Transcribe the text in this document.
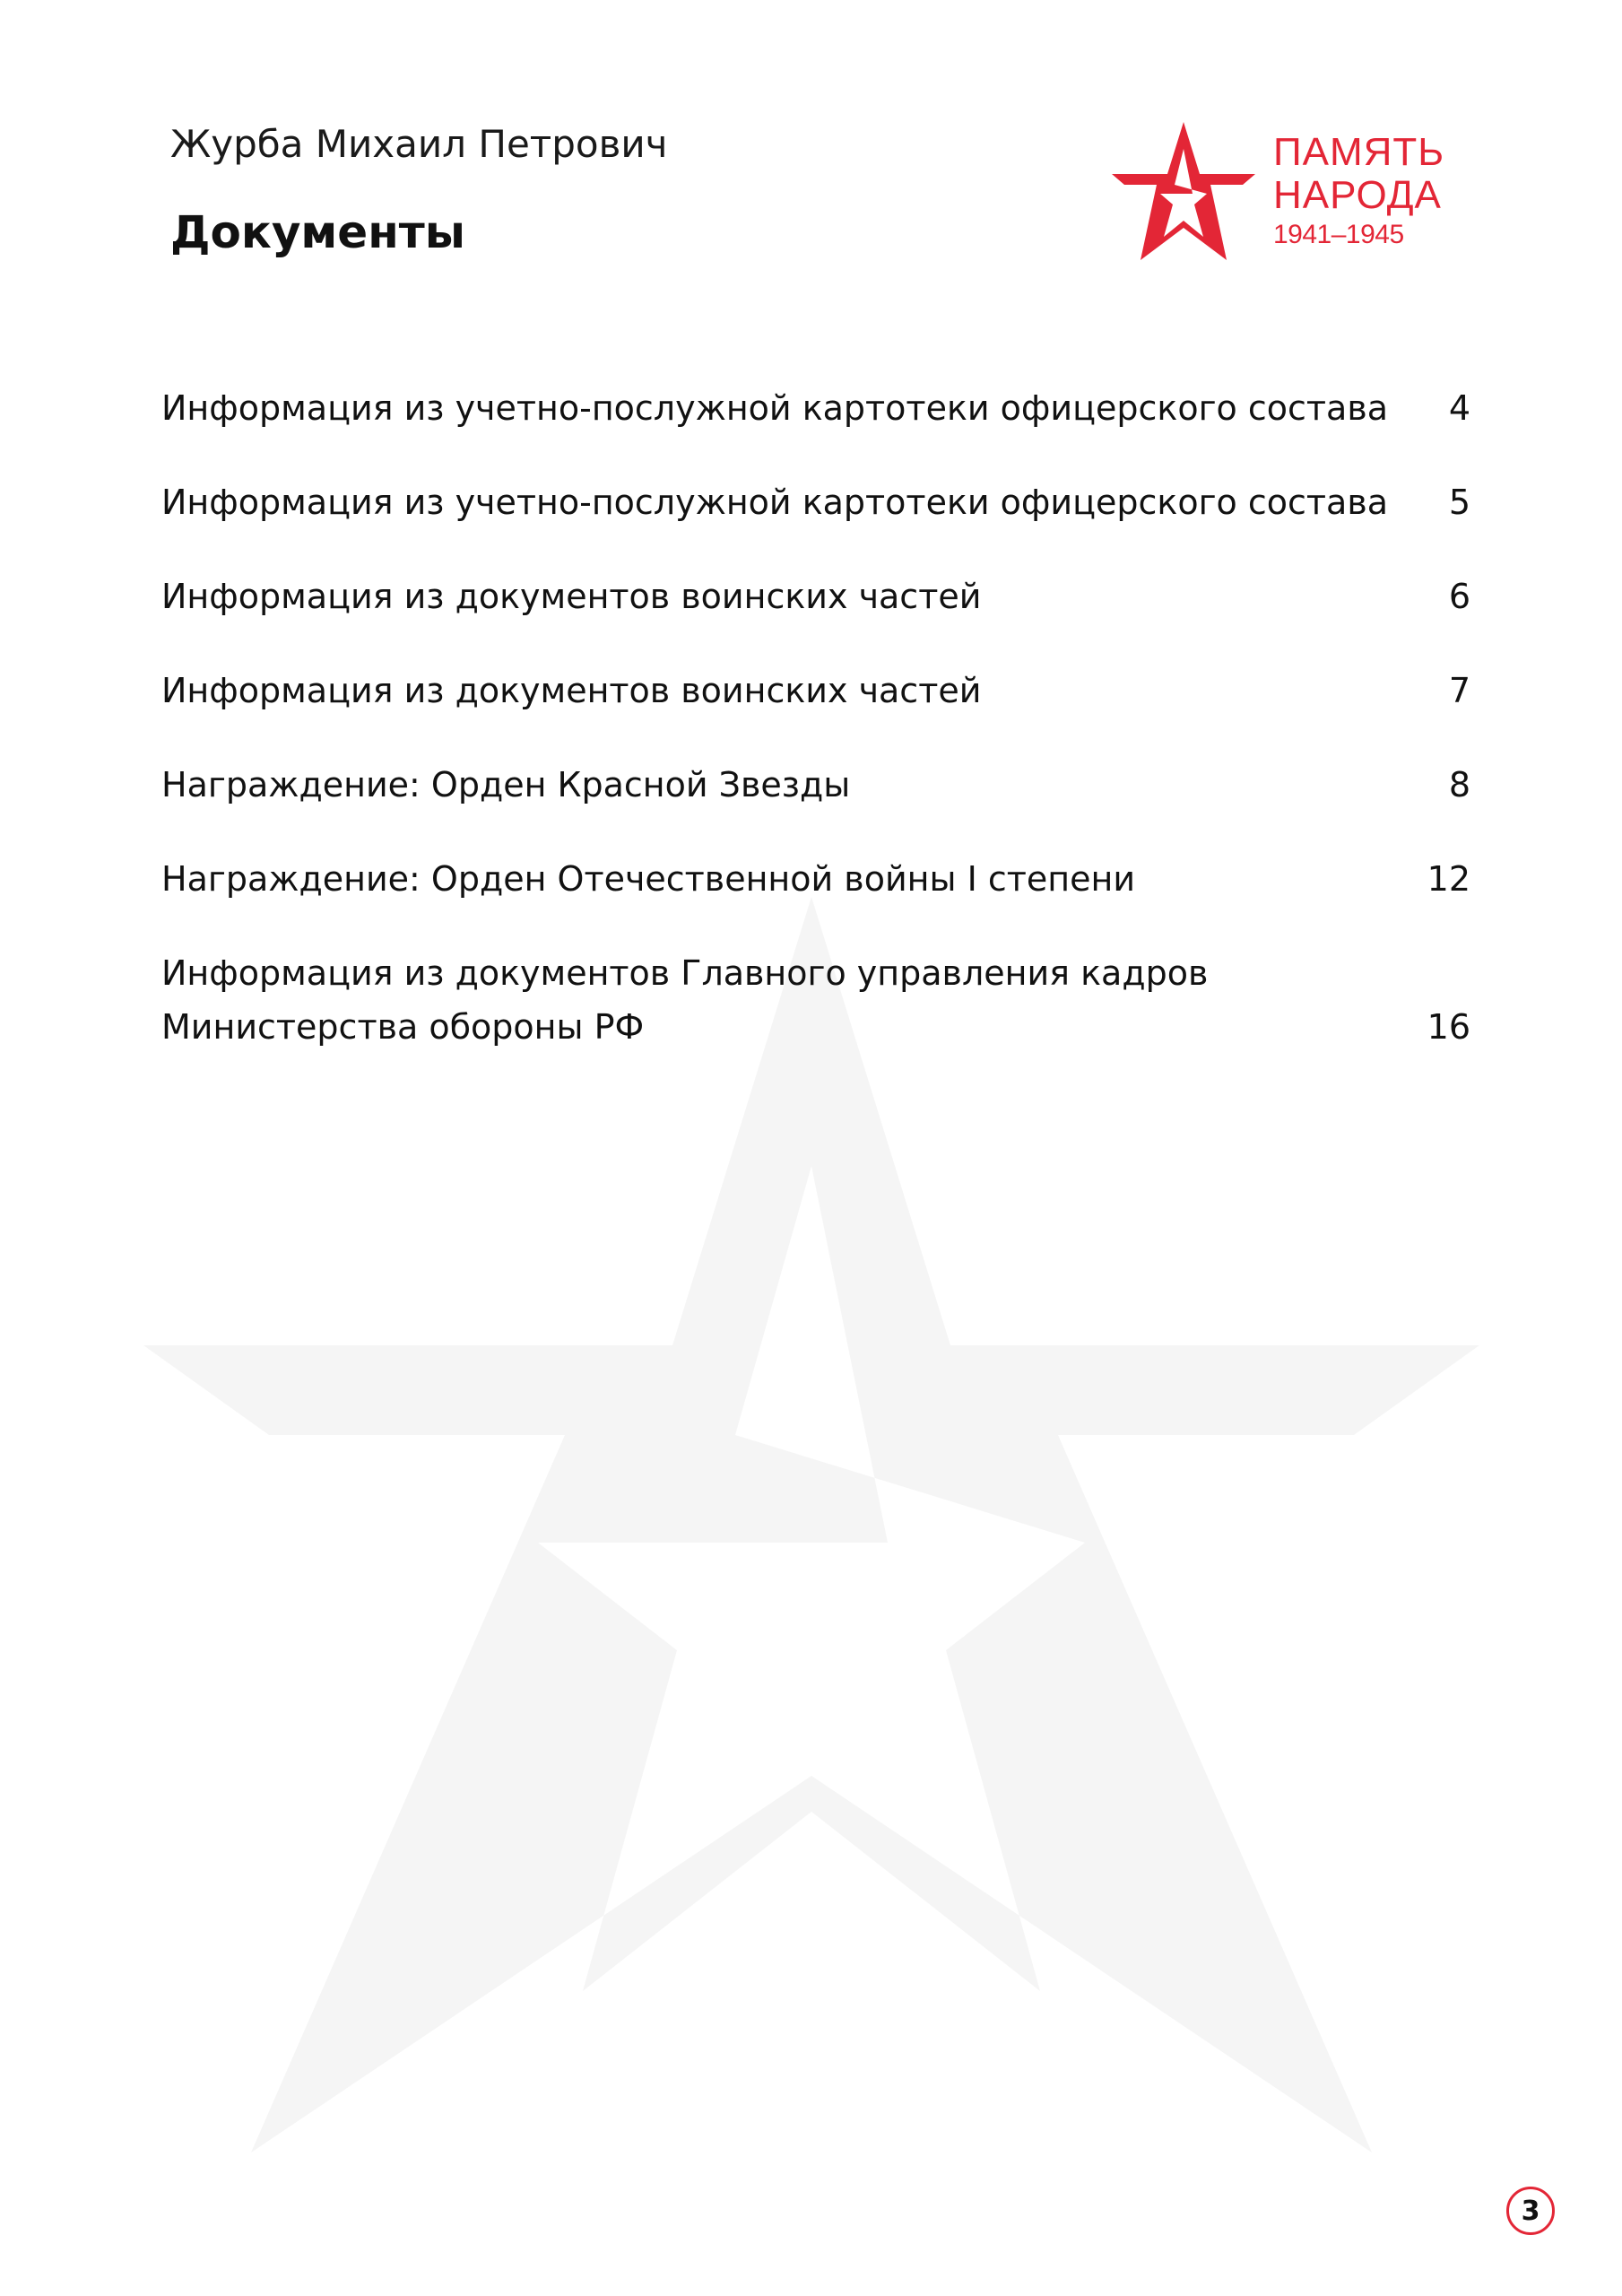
Журба Михаил Петрович
Документы
ПАМЯТЬ
НАРОДА
1941–1945
Информация из учетно-послужной картотеки офицерского состава	4
Информация из учетно-послужной картотеки офицерского состава	5
Информация из документов воинских частей	6
Информация из документов воинских частей	7
Награждение: Орден Красной Звезды	8
Награждение: Орден Отечественной войны I степени	12
Информация из документов Главного управления кадров Министерства обороны РФ	16
3
